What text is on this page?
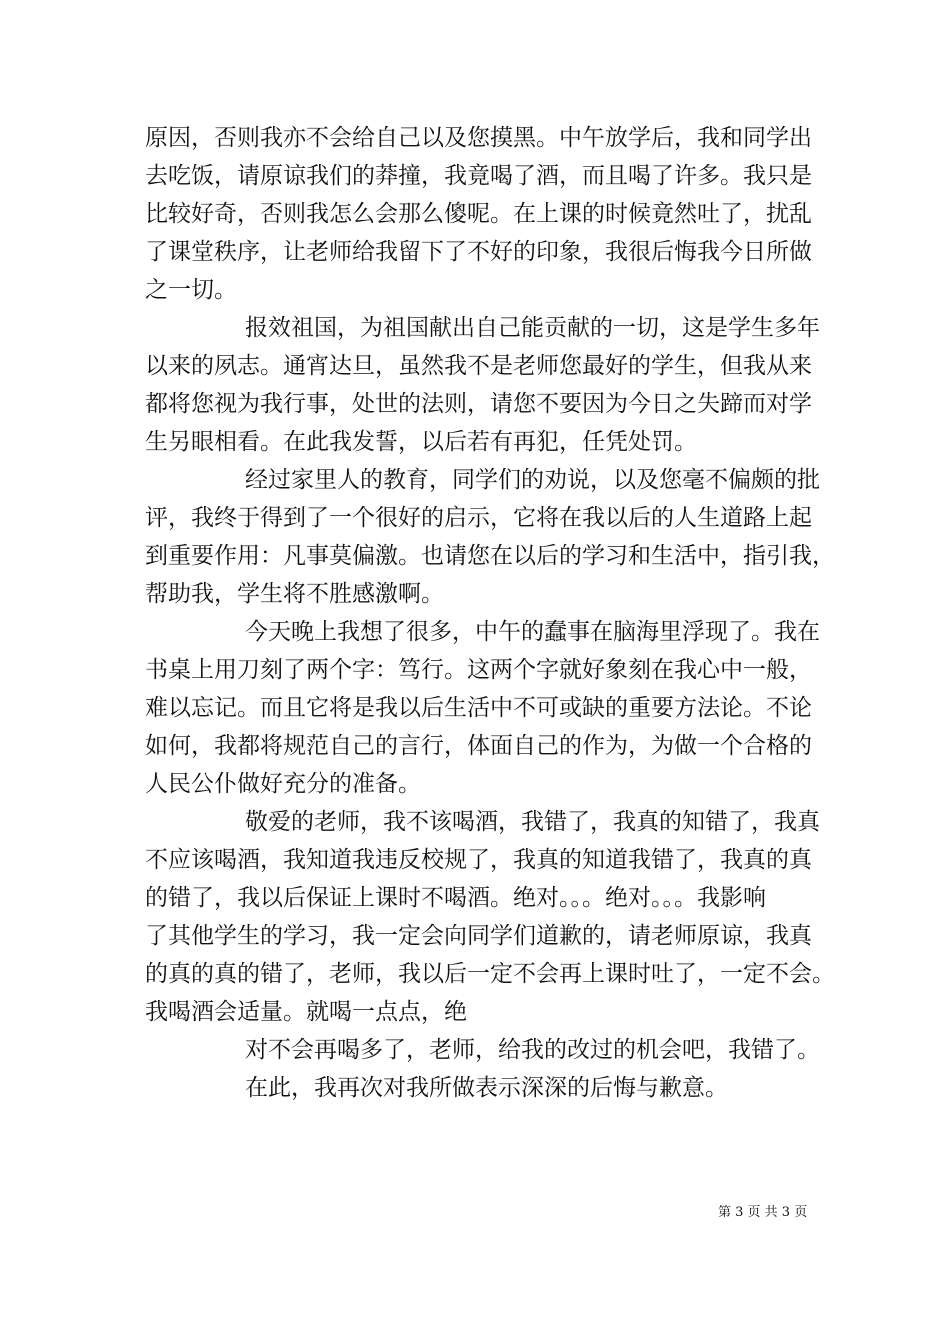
原因，否则我亦不会给自己以及您摸黑。中午放学后，我和同学出
去吃饭，请原谅我们的莽撞，我竟喝了酒，而且喝了许多。我只是
比较好奇，否则我怎么会那么傻呢。在上课的时候竟然吐了，扰乱
了课堂秩序，让老师给我留下了不好的印象，我很后悔我今日所做
之一切。
报效祖国，为祖国献出自己能贡献的一切，这是学生多年
以来的夙志。通宵达旦，虽然我不是老师您最好的学生，但我从来
都将您视为我行事，处世的法则，请您不要因为今日之失蹄而对学
生另眼相看。在此我发誓，以后若有再犯，任凭处罚。
经过家里人的教育，同学们的劝说，以及您毫不偏颇的批
评，我终于得到了一个很好的启示，它将在我以后的人生道路上起
到重要作用：凡事莫偏激。也请您在以后的学习和生活中，指引我，
帮助我，学生将不胜感激啊。
今天晚上我想了很多，中午的蠢事在脑海里浮现了。我在
书桌上用刀刻了两个字：笃行。这两个字就好象刻在我心中一般，
难以忘记。而且它将是我以后生活中不可或缺的重要方法论。不论
如何，我都将规范自己的言行，体面自己的作为，为做一个合格的
人民公仆做好充分的准备。
敬爱的老师，我不该喝酒，我错了，我真的知错了，我真
不应该喝酒，我知道我违反校规了，我真的知道我错了，我真的真
的错了，我以后保证上课时不喝酒。绝对。。。绝对。。。我影响
了其他学生的学习，我一定会向同学们道歉的，请老师原谅，我真
的真的真的错了，老师，我以后一定不会再上课时吐了，一定不会。
我喝酒会适量。就喝一点点，绝
对不会再喝多了，老师，给我的改过的机会吧，我错了。
在此，我再次对我所做表示深深的后悔与歉意。
第 3 页 共 3 页
